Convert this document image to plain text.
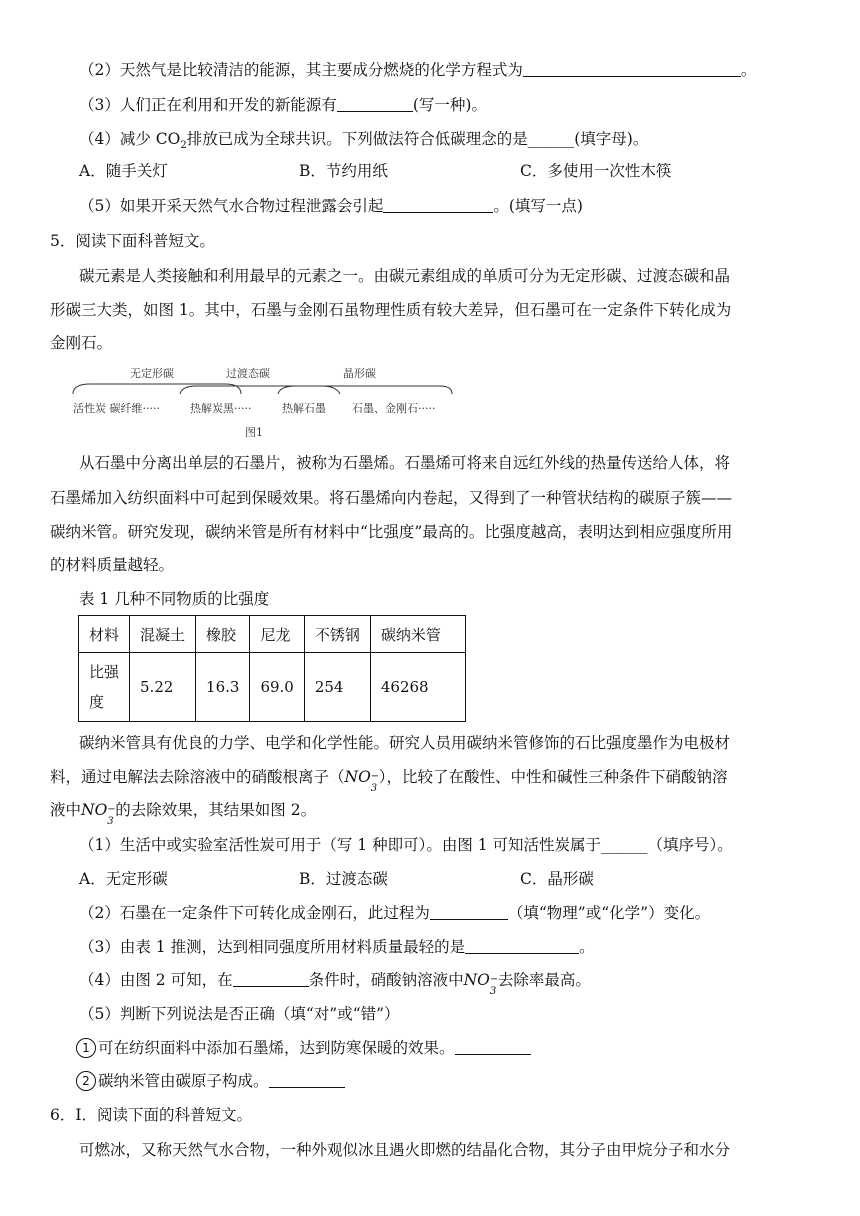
（2）天然气是比较清洁的能源，其主要成分燃烧的化学方程式为	。
（3）人们正在利用和开发的新能源有	(写一种)。
（4）减少 $CO_2$排放已成为全球共识。下列做法符合低碳理念的是______(填字母)。
A．随手关灯	B．节约用纸	C．多使用一次性木筷
（5）如果开采天然气水合物过程泄露会引起	。(填写一点)
5．阅读下面科普短文。
碳元素是人类接触和利用最早的元素之一。由碳元素组成的单质可分为无定形碳、过渡态碳和晶
形碳三大类，如图 1。其中，石墨与金刚石虽物理性质有较大差异，但石墨可在一定条件下转化成为
金刚石。
无定形碳	过渡态碳	晶形碳
活性炭 碳纤维·····	热解炭黑·····	热解石墨 石墨、金刚石·····
图1
从石墨中分离出单层的石墨片，被称为石墨烯。石墨烯可将来自远红外线的热量传送给人体，将
石墨烯加入纺织面料中可起到保暖效果。将石墨烯向内卷起，又得到了一种管状结构的碳原子簇——
碳纳米管。研究发现，碳纳米管是所有材料中“比强度”最高的。比强度越高，表明达到相应强度所用
的材料质量越轻。
表 1 几种不同物质的比强度
材料	混凝土	橡胶	尼龙	不锈钢	碳纳米管
比强
度	5.22	16.3	69.0	254	46268
碳纳米管具有优良的力学、电学和化学性能。研究人员用碳纳米管修饰的石比强度墨作为电极材
料，通过电解法去除溶液中的硝酸根离子（NO −
3
），比较了在酸性、中性和碱性三种条件下硝酸钠溶
液中NO −
3
的去除效果，其结果如图 2。
（1）生活中或实验室活性炭可用于（写 1 种即可）。由图 1 可知活性炭属于______（填序号）。
A．无定形碳	B．过渡态碳	C．晶形碳
（2）石墨在一定条件下可转化成金刚石，此过程为	（填“物理”或“化学”）变化。
（3）由表 1 推测，达到相同强度所用材料质量最轻的是	。
（4）由图 2 可知，在	条件时，硝酸钠溶液中NO −
3
去除率最高。
（5）判断下列说法是否正确（填“对”或“错”）
1 可在纺织面料中添加石墨烯，达到防寒保暖的效果。
2 碳纳米管由碳原子构成。
6．Ⅰ．阅读下面的科普短文。
可燃冰，又称天然气水合物，一种外观似冰且遇火即燃的结晶化合物，其分子由甲烷分子和水分
